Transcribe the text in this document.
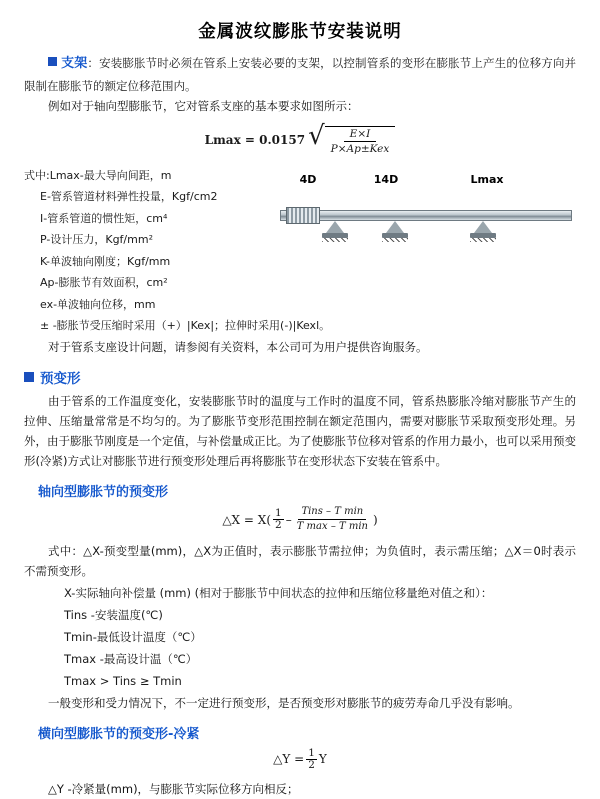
金属波纹膨胀节安装说明

支架：安装膨胀节时必须在管系上安装必要的支架，以控制管系的变形在膨胀节上产生的位移方向并限制在膨胀节的额定位移范围内。

例如对于轴向型膨胀节，它对管系支座的基本要求如图所示：

Lmax = 0.0157 √ $\frac{E\times I}{\text{P×Ap±Kex}}$
式中:Lmax-最大导向间距，m
E-管系管道材料弹性投量，Kgf/cm2
I-管系管道的惯性矩，cm⁴
P-设计压力，Kgf/mm²
K-单波轴向刚度；Kgf/mm
Ap-膨胀节有效面积，cm²
ex-单波轴向位移，mm
± -膨胀节受压缩时采用（+）|Kex|；拉伸时采用(-)|Kexl。
4D	14D	Lmax

对于管系支座设计问题，请参阅有关资料，本公司可为用户提供咨询服务。

预变形

由于管系的工作温度变化，安装膨胀节时的温度与工作时的温度不同，管系热膨胀冷缩对膨胀节产生的拉伸、压缩量常常是不均匀的。为了膨胀节变形范围控制在额定范围内，需要对膨胀节采取预变形处理。另外，由于膨胀节刚度是一个定值，与补偿量成正比。为了使膨胀节位移对管系的作用力最小，也可以采用预变形(冷紧)方式让对膨胀节进行预变形处理后再将膨胀节在变形状态下安装在管系中。

轴向型膨胀节的预变形
△X = X( 1
2 –
Tins – T min
T max – T min )

式中：△X-预变型量(mm)，△X为正值时，表示膨胀节需拉伸；为负值时，表示需压缩；△X＝0时表示不需预变形。

X-实际轴向补偿量 (mm) (相对于膨胀节中间状态的拉伸和压缩位移量绝对值之和）：
Tins -安装温度(℃)
Tmin-最低设计温度（℃）
Tmax -最高设计温（℃）
Tmax > Tins ≥ Tmin

一般变形和受力情况下，不一定进行预变形，是否预变形对膨胀节的疲劳寿命几乎没有影响。

横向型膨胀节的预变形-冷紧
△Y = $\frac{1}{2}$ Y

△Y -冷紧量(mm)，与膨胀节实际位移方向相反；
